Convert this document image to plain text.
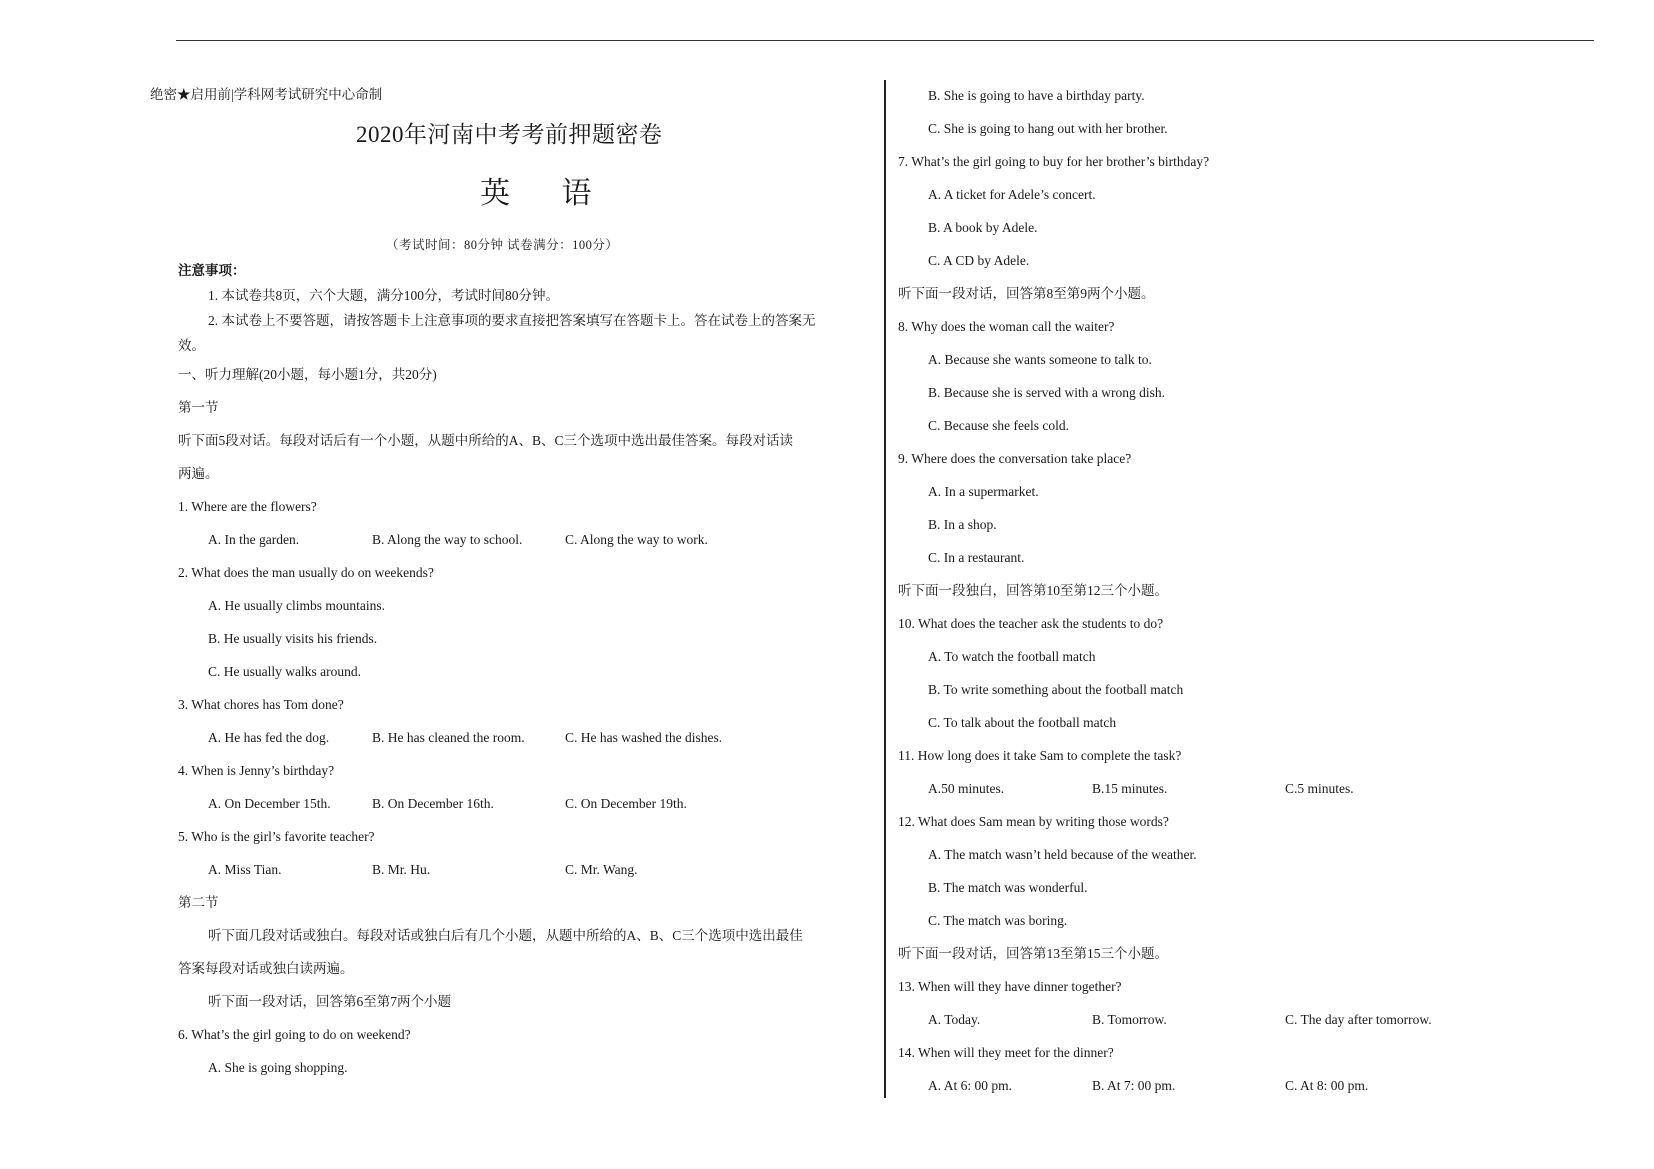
绝密★启用前|学科网考试研究中心命制
2020年河南中考考前押题密卷
英 语
（考试时间：80分钟 试卷满分：100分）
注意事项：
1. 本试卷共8页，六个大题，满分100分，考试时间80分钟。
2. 本试卷上不要答题，请按答题卡上注意事项的要求直接把答案填写在答题卡上。答在试卷上的答案无
效。
一、听力理解(20小题，每小题1分，共20分)
第一节
听下面5段对话。每段对话后有一个小题，从题中所给的A、B、C三个选项中选出最佳答案。每段对话读
两遍。
1. Where are the flowers?
A. In the garden.	B. Along the way to school.	C. Along the way to work.
2. What does the man usually do on weekends?
A. He usually climbs mountains.
B. He usually visits his friends.
C. He usually walks around.
3. What chores has Tom done?
A. He has fed the dog.	B. He has cleaned the room.	C. He has washed the dishes.
4. When is Jenny’s birthday?
A. On December 15th.	B. On December 16th.	C. On December 19th.
5. Who is the girl’s favorite teacher?
A. Miss Tian.	B. Mr. Hu.	C. Mr. Wang.
第二节
听下面几段对话或独白。每段对话或独白后有几个小题，从题中所给的A、B、C三个选项中选出最佳
答案每段对话或独白读两遍。
听下面一段对话，回答第6至第7两个小题
6. What’s the girl going to do on weekend?
A. She is going shopping.
B. She is going to have a birthday party.
C. She is going to hang out with her brother.
7. What’s the girl going to buy for her brother’s birthday?
A. A ticket for Adele’s concert.
B. A book by Adele.
C. A CD by Adele.
听下面一段对话，回答第8至第9两个小题。
8. Why does the woman call the waiter?
A. Because she wants someone to talk to.
B. Because she is served with a wrong dish.
C. Because she feels cold.
9. Where does the conversation take place?
A. In a supermarket.
B. In a shop.
C. In a restaurant.
听下面一段独白，回答第10至第12三个小题。
10. What does the teacher ask the students to do?
A. To watch the football match
B. To write something about the football match
C. To talk about the football match
11. How long does it take Sam to complete the task?
A.50 minutes.	B.15 minutes.	C.5 minutes.
12. What does Sam mean by writing those words?
A. The match wasn’t held because of the weather.
B. The match was wonderful.
C. The match was boring.
听下面一段对话，回答第13至第15三个小题。
13. When will they have dinner together?
A. Today.	B. Tomorrow.	C. The day after tomorrow.
14. When will they meet for the dinner?
A. At 6: 00 pm.	B. At 7: 00 pm.	C. At 8: 00 pm.
